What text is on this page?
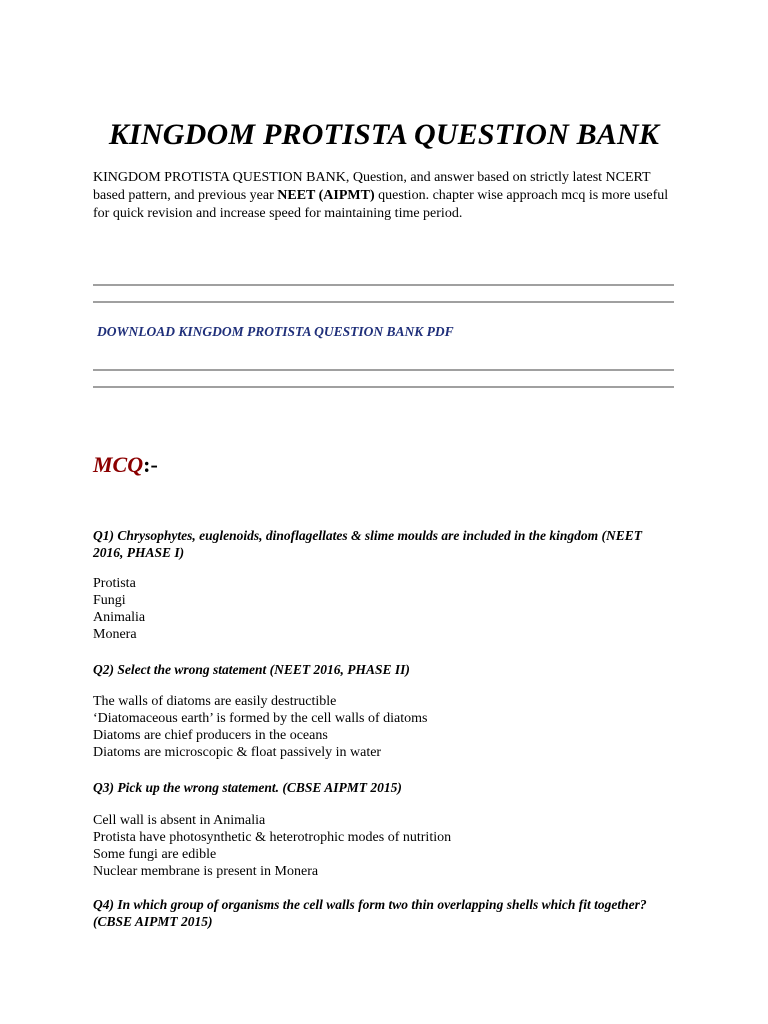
KINGDOM PROTISTA QUESTION BANK

KINGDOM PROTISTA QUESTION BANK, Question, and answer based on strictly latest NCERT based pattern, and previous year NEET (AIPMT) question. chapter wise approach mcq is more useful for quick revision and increase speed for maintaining time period.

DOWNLOAD KINGDOM PROTISTA QUESTION BANK PDF
MCQ:-

Q1) Chrysophytes, euglenoids, dinoflagellates & slime moulds are included in the kingdom (NEET 2016, PHASE I)

Protista
Fungi
Animalia
Monera

Q2) Select the wrong statement (NEET 2016, PHASE II)

The walls of diatoms are easily destructible
‘Diatomaceous earth’ is formed by the cell walls of diatoms
Diatoms are chief producers in the oceans
Diatoms are microscopic & float passively in water

Q3) Pick up the wrong statement. (CBSE AIPMT 2015)

Cell wall is absent in Animalia
Protista have photosynthetic & heterotrophic modes of nutrition
Some fungi are edible
Nuclear membrane is present in Monera

Q4) In which group of organisms the cell walls form two thin overlapping shells which fit together? (CBSE AIPMT 2015)
